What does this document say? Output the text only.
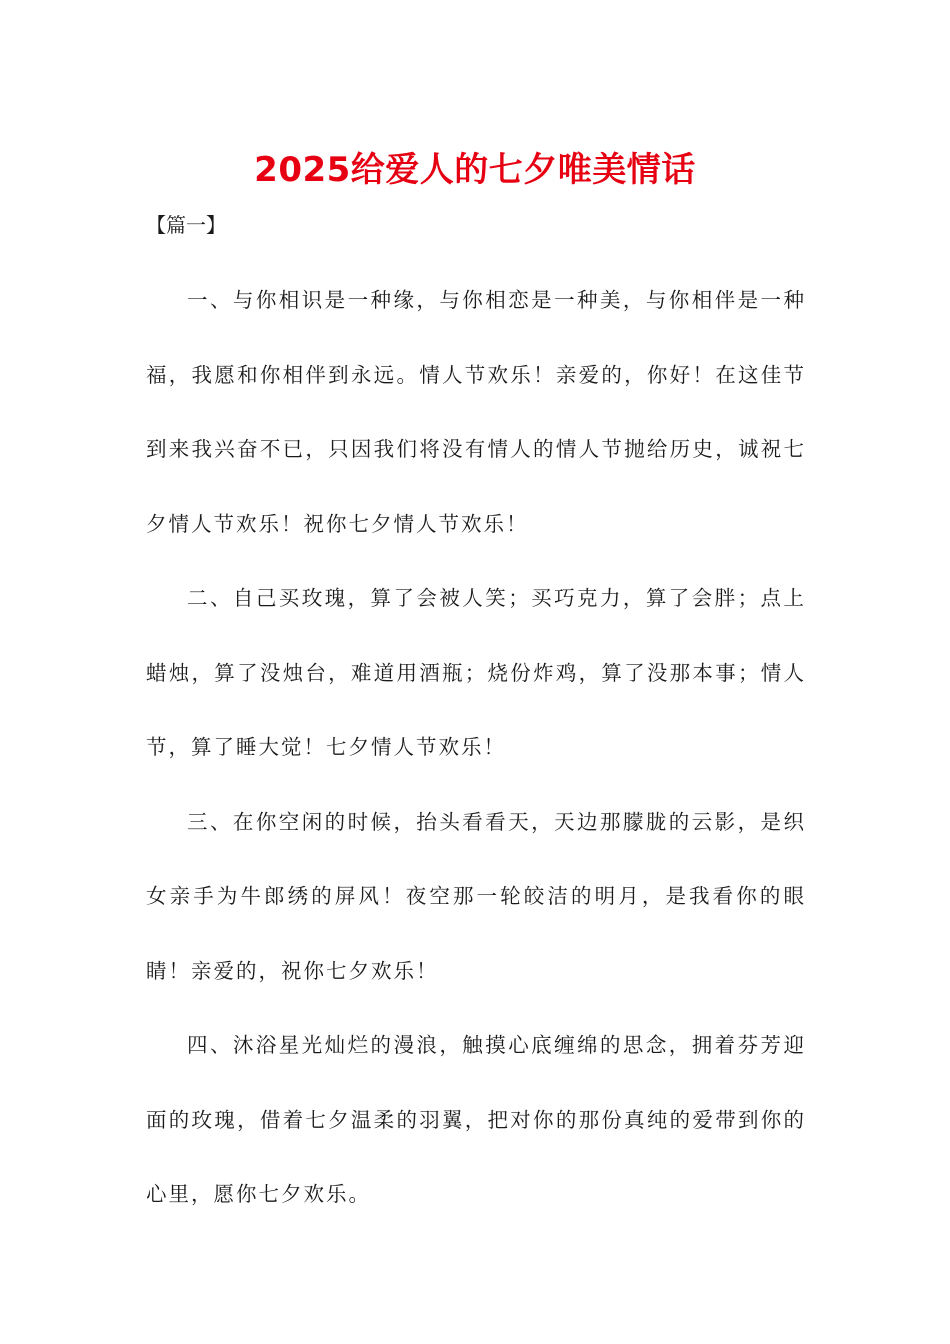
2025给爱人的七夕唯美情话
【篇一】

一、与你相识是一种缘，与你相恋是一种美，与你相伴是一种福，我愿和你相伴到永远。情人节欢乐！亲爱的，你好！在这佳节到来我兴奋不已，只因我们将没有情人的情人节抛给历史，诚祝七夕情人节欢乐！祝你七夕情人节欢乐！

二、自己买玫瑰，算了会被人笑；买巧克力，算了会胖；点上蜡烛，算了没烛台，难道用酒瓶；烧份炸鸡，算了没那本事；情人节，算了睡大觉！七夕情人节欢乐！

三、在你空闲的时候，抬头看看天，天边那朦胧的云影，是织女亲手为牛郎绣的屏风！夜空那一轮皎洁的明月，是我看你的眼睛！亲爱的，祝你七夕欢乐！

四、沐浴星光灿烂的漫浪，触摸心底缠绵的思念，拥着芬芳迎面的玫瑰，借着七夕温柔的羽翼，把对你的那份真纯的爱带到你的心里，愿你七夕欢乐。
